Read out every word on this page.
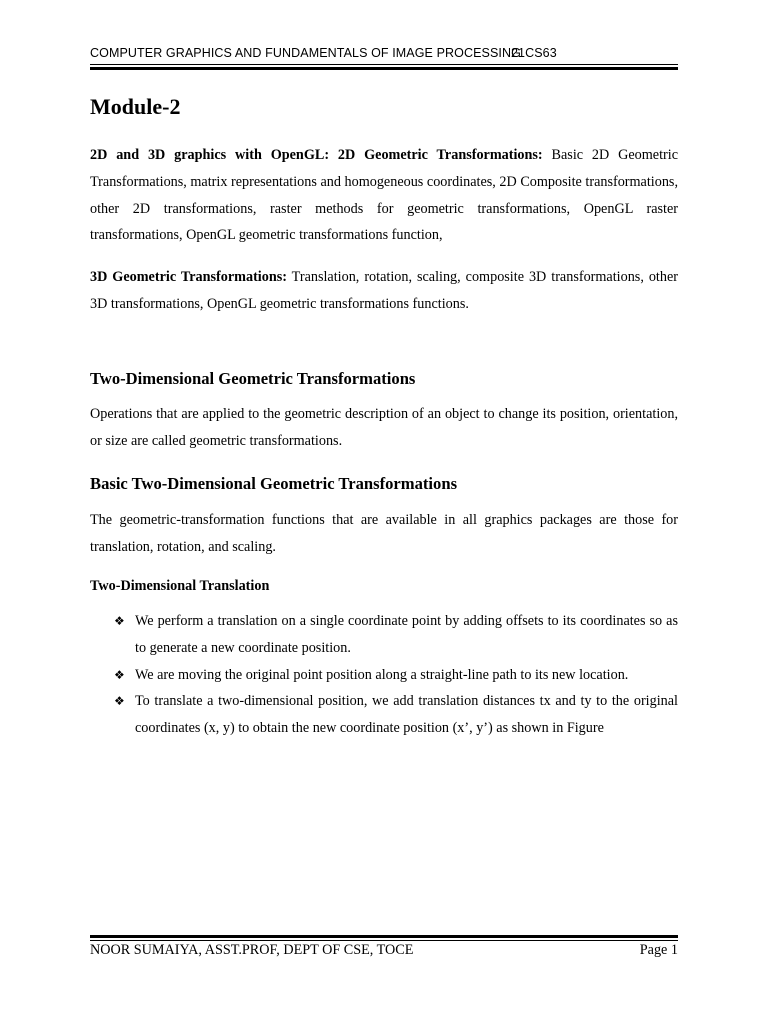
COMPUTER GRAPHICS AND FUNDAMENTALS OF IMAGE PROCESSING
21CS63
Module-2

2D and 3D graphics with OpenGL: 2D Geometric Transformations: Basic 2D Geometric Transformations, matrix representations and homogeneous coordinates, 2D Composite transformations, other 2D transformations, raster methods for geometric transformations, OpenGL raster transformations, OpenGL geometric transformations function,

3D Geometric Transformations: Translation, rotation, scaling, composite 3D transformations, other 3D transformations, OpenGL geometric transformations functions.

Two-Dimensional Geometric Transformations

Operations that are applied to the geometric description of an object to change its position, orientation, or size are called geometric transformations.

Basic Two-Dimensional Geometric Transformations

The geometric-transformation functions that are available in all graphics packages are those for translation, rotation, and scaling.

Two-Dimensional Translation
❖ We perform a translation on a single coordinate point by adding offsets to its coordinates so as to generate a new coordinate position.
❖ We are moving the original point position along a straight-line path to its new location.
❖ To translate a two-dimensional position, we add translation distances tx and ty to the original coordinates (x, y) to obtain the new coordinate position (x’, y’) as shown in Figure
NOOR SUMAIYA, ASST.PROF, DEPT OF CSE, TOCE	Page 1
